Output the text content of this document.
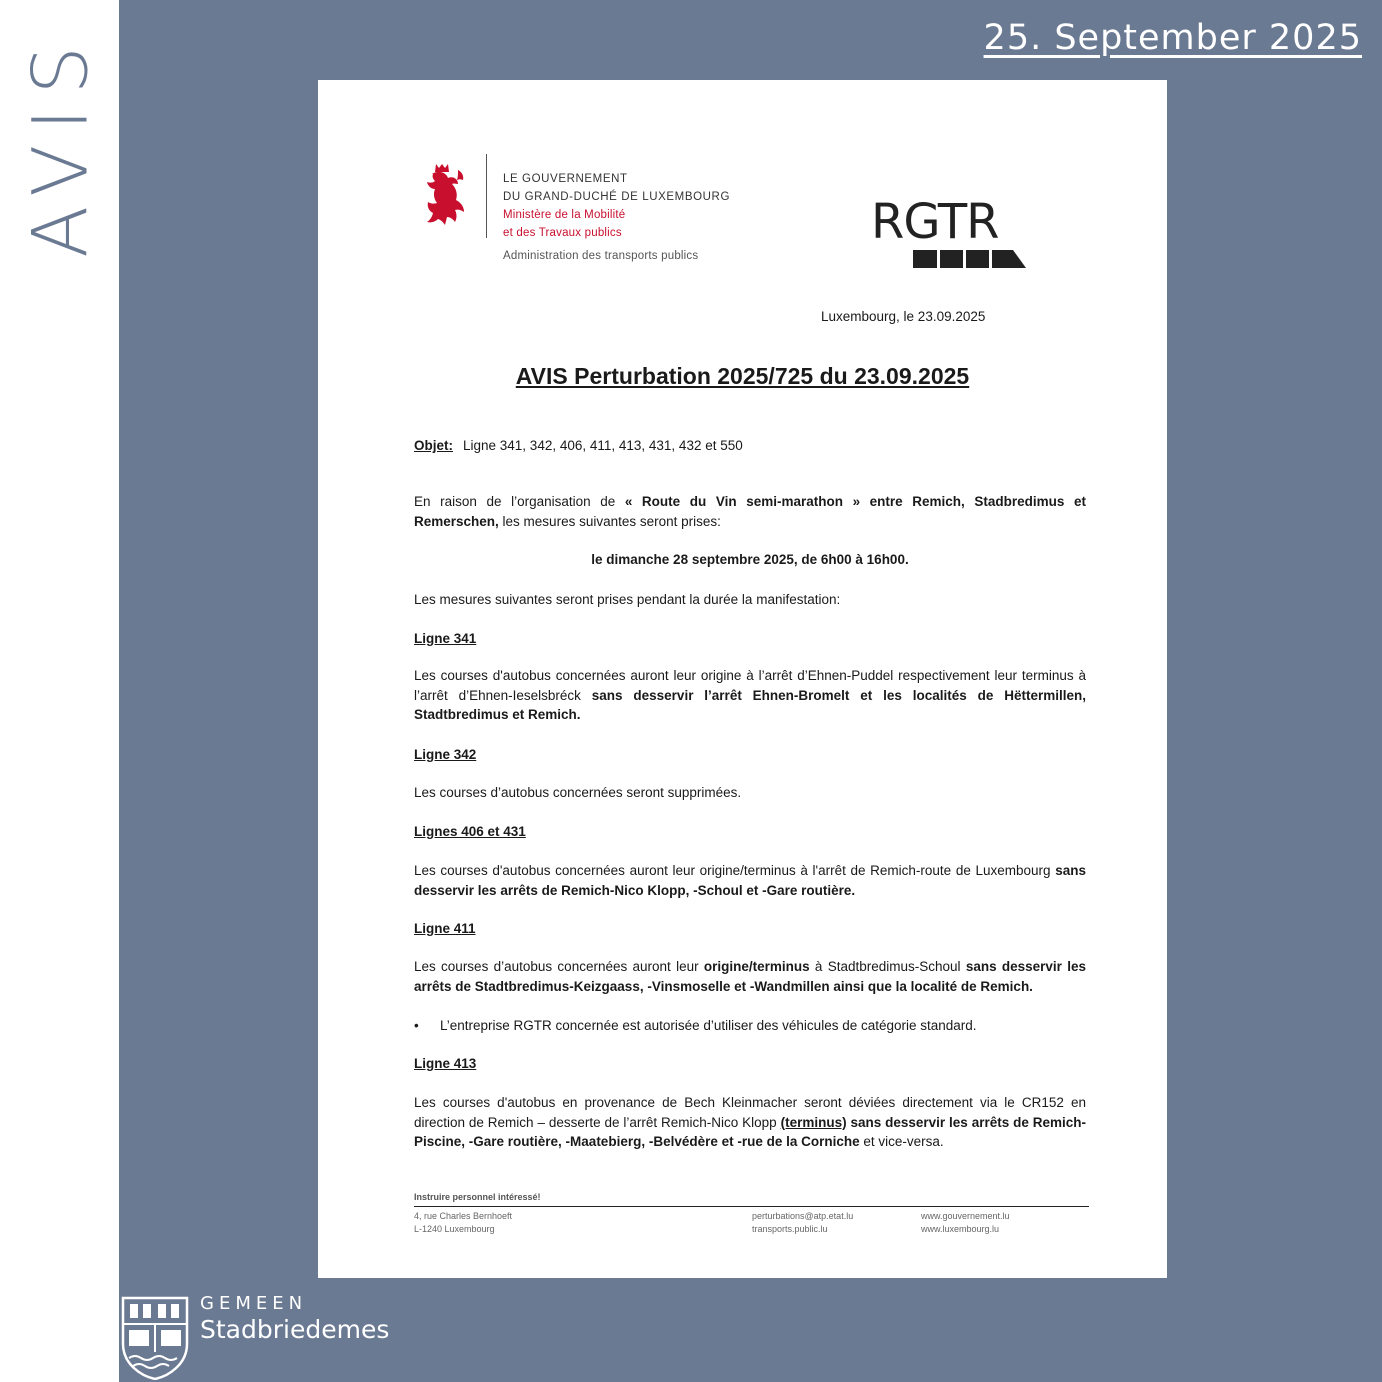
AVIS	25. September 2025
LE GOUVERNEMENT
DU GRAND-DUCHÉ DE LUXEMBOURG
Ministère de la Mobilité
et des Travaux publics
Administration des transports publics
RGTR
Luxembourg, le 23.09.2025
AVIS Perturbation 2025/725 du 23.09.2025
Objet: Ligne 341, 342, 406, 411, 413, 431, 432 et 550
En raison de l’organisation de « Route du Vin semi-marathon » entre Remich, Stadbredimus et Remerschen, les mesures suivantes seront prises:
le dimanche 28 septembre 2025, de 6h00 à 16h00.
Les mesures suivantes seront prises pendant la durée la manifestation:
Ligne 341
Les courses d'autobus concernées auront leur origine à l’arrêt d’Ehnen-Puddel respectivement leur terminus à l’arrêt d’Ehnen-Ieselsbréck sans desservir l’arrêt Ehnen-Bromelt et les localités de Hëttermillen, Stadtbredimus et Remich.
Ligne 342
Les courses d’autobus concernées seront supprimées.
Lignes 406 et 431
Les courses d'autobus concernées auront leur origine/terminus à l'arrêt de Remich-route de Luxembourg sans desservir les arrêts de Remich-Nico Klopp, -Schoul et -Gare routière.
Ligne 411
Les courses d’autobus concernées auront leur origine/terminus à Stadtbredimus-Schoul sans desservir les arrêts de Stadtbredimus-Keizgaass, -Vinsmoselle et -Wandmillen ainsi que la localité de Remich.
•	L’entreprise RGTR concernée est autorisée d’utiliser des véhicules de catégorie standard.
Ligne 413
Les courses d'autobus en provenance de Bech Kleinmacher seront déviées directement via le CR152 en direction de Remich – desserte de l’arrêt Remich-Nico Klopp (terminus) sans desservir les arrêts de Remich-Piscine, -Gare routière, -Maatebierg, -Belvédère et -rue de la Corniche et vice-versa.
Instruire personnel intéressé!
4, rue Charles Bernhoeft
L-1240 Luxembourg
perturbations@atp.etat.lu
transports.public.lu
www.gouvernement.lu
www.luxembourg.lu
GEMEEN
Stadbriedemes
